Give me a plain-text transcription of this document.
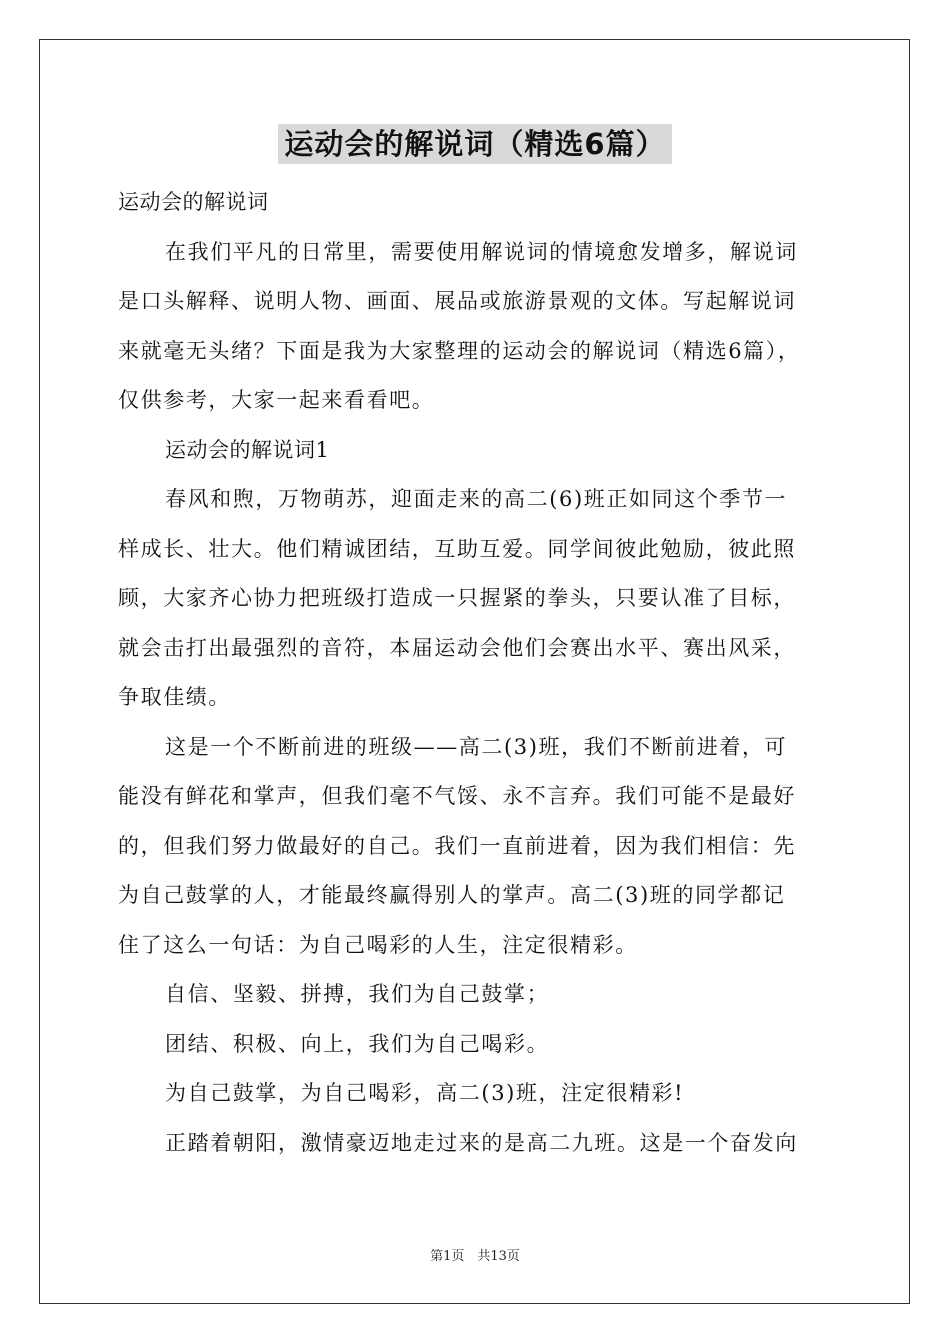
运动会的解说词（精选6篇）
运动会的解说词
在我们平凡的日常里，需要使用解说词的情境愈发增多，解说词
是口头解释、说明人物、画面、展品或旅游景观的文体。写起解说词
来就毫无头绪？下面是我为大家整理的运动会的解说词（精选6篇），
仅供参考，大家一起来看看吧。
运动会的解说词1
春风和煦，万物萌苏，迎面走来的高二(6)班正如同这个季节一
样成长、壮大。他们精诚团结，互助互爱。同学间彼此勉励，彼此照
顾，大家齐心协力把班级打造成一只握紧的拳头，只要认准了目标，
就会击打出最强烈的音符，本届运动会他们会赛出水平、赛出风采，
争取佳绩。
这是一个不断前进的班级——高二(3)班，我们不断前进着，可
能没有鲜花和掌声，但我们毫不气馁、永不言弃。我们可能不是最好
的，但我们努力做最好的自己。我们一直前进着，因为我们相信：先
为自己鼓掌的人，才能最终赢得别人的掌声。高二(3)班的同学都记
住了这么一句话：为自己喝彩的人生，注定很精彩。
自信、坚毅、拼搏，我们为自己鼓掌；
团结、积极、向上，我们为自己喝彩。
为自己鼓掌，为自己喝彩，高二(3)班，注定很精彩!
正踏着朝阳，激情豪迈地走过来的是高二九班。这是一个奋发向
第1页　共13页
